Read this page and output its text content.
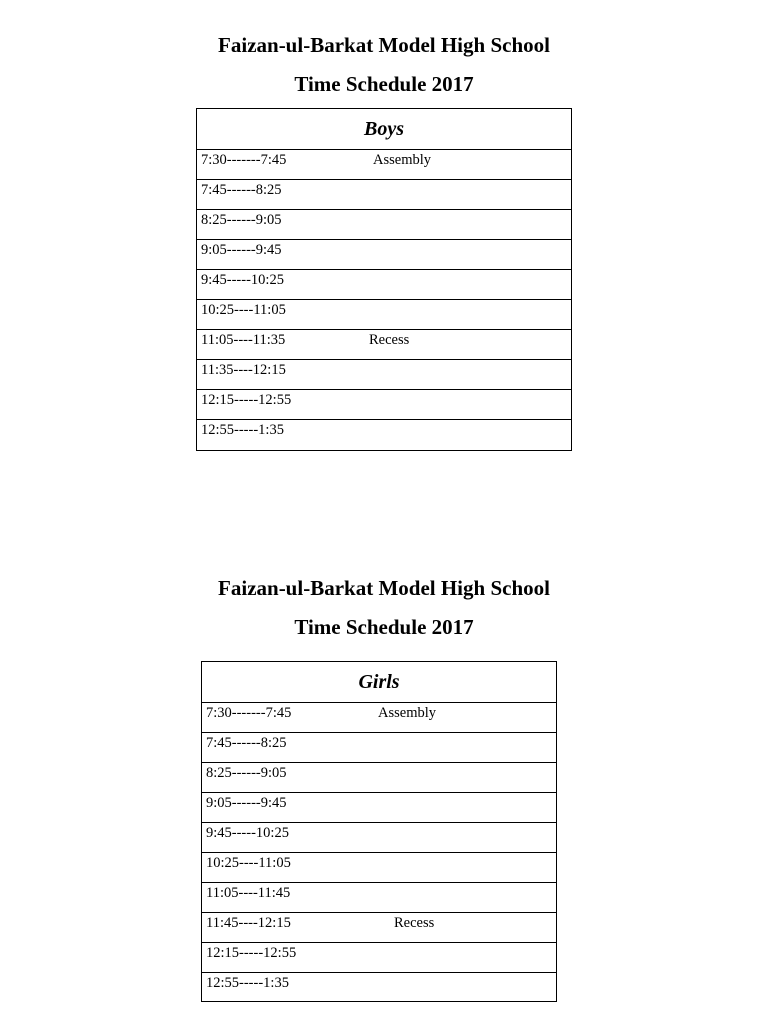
Faizan-ul-Barkat Model High School
Time Schedule 2017
Boys
7:30-------7:45	Assembly
7:45------8:25
8:25------9:05
9:05------9:45
9:45-----10:25
10:25----11:05
11:05----11:35	Recess
11:35----12:15
12:15-----12:55
12:55-----1:35
Faizan-ul-Barkat Model High School
Time Schedule 2017
Girls
7:30-------7:45	Assembly
7:45------8:25
8:25------9:05
9:05------9:45
9:45-----10:25
10:25----11:05
11:05----11:45
11:45----12:15	Recess
12:15-----12:55
12:55-----1:35
